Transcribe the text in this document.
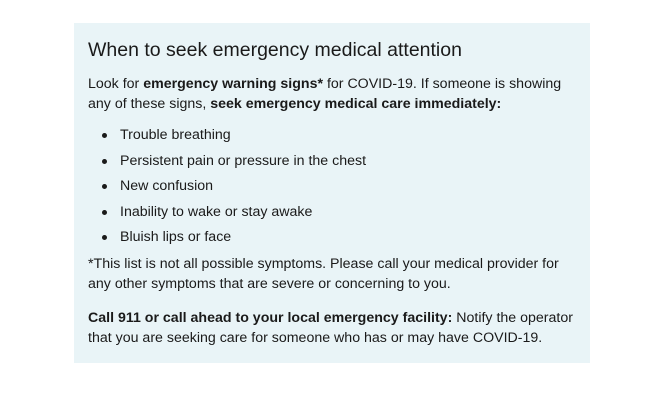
When to seek emergency medical attention

Look for emergency warning signs* for COVID-19. If someone is showing any of these signs, seek emergency medical care immediately:

Trouble breathing
Persistent pain or pressure in the chest
New confusion
Inability to wake or stay awake
Bluish lips or face

*This list is not all possible symptoms. Please call your medical provider for any other symptoms that are severe or concerning to you.

Call 911 or call ahead to your local emergency facility: Notify the operator that you are seeking care for someone who has or may have COVID-19.
